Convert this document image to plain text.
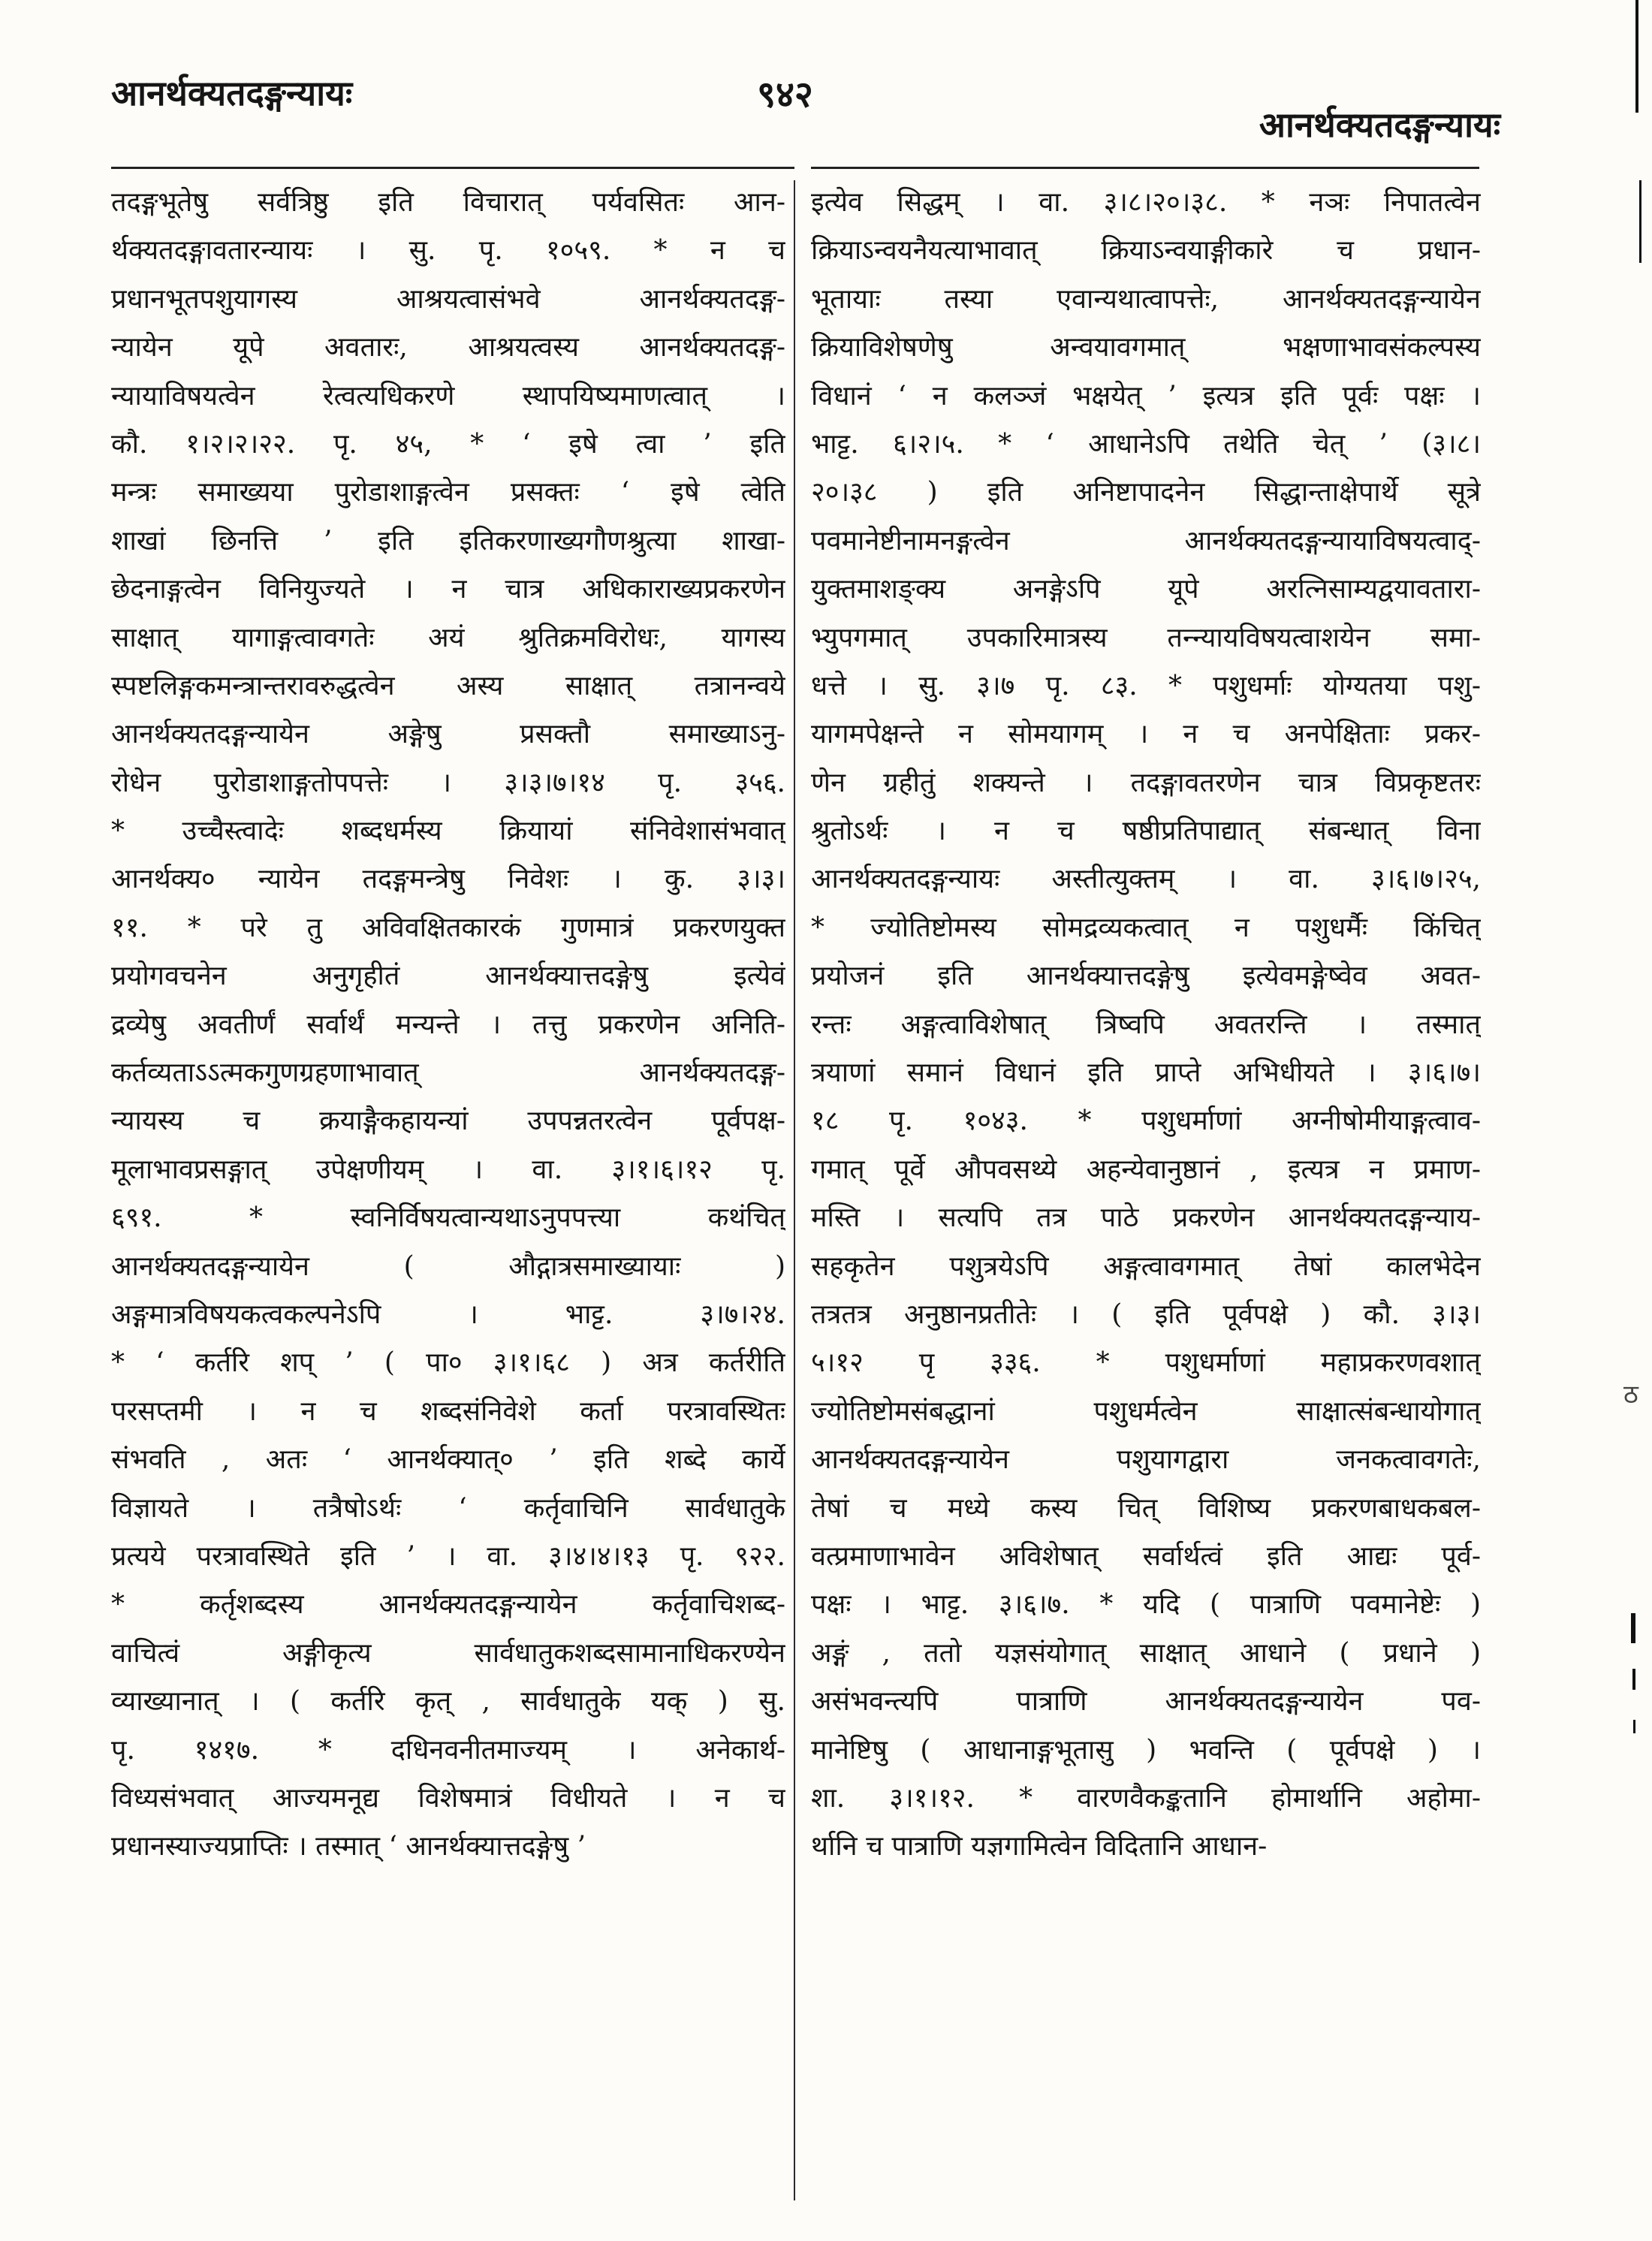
आनर्थक्यतदङ्गन्यायः	९४२
आनर्थक्यतदङ्गन्यायः
तदङ्गभूतेषु सर्वत्रिष्ठु इति विचारात् पर्यवसितः आन-
र्थक्यतदङ्गावतारन्यायः । सु. पृ. १०५९. * न च
प्रधानभूतपशुयागस्य आश्रयत्वासंभवे आनर्थक्यतदङ्ग-
न्यायेन यूपे अवतारः, आश्रयत्वस्य आनर्थक्यतदङ्ग-
न्यायाविषयत्वेन रेत्वत्यधिकरणे स्थापयिष्यमाणत्वात् ।
कौ. १।२।२।२२. पृ. ४५, * ‘ इषे त्वा ’ इति
मन्त्रः समाख्यया पुरोडाशाङ्गत्वेन प्रसक्तः ‘ इषे त्वेति
शाखां छिनत्ति ’ इति इतिकरणाख्यगौणश्रुत्या शाखा-
छेदनाङ्गत्वेन विनियुज्यते । न चात्र अधिकाराख्यप्रकरणेन
साक्षात् यागाङ्गत्वावगतेः अयं श्रुतिक्रमविरोधः, यागस्य
स्पष्टलिङ्गकमन्त्रान्तरावरुद्धत्वेन अस्य साक्षात् तत्रानन्वये
आनर्थक्यतदङ्गन्यायेन अङ्गेषु प्रसक्तौ समाख्याऽनु-
रोधेन पुरोडाशाङ्गतोपपत्तेः । ३।३।७।१४ पृ. ३५६.
* उच्चैस्त्वादेः शब्दधर्मस्य क्रियायां संनिवेशासंभवात्
आनर्थक्य० न्यायेन तदङ्गमन्त्रेषु निवेशः । कु. ३।३।
११. * परे तु अविवक्षितकारकं गुणमात्रं प्रकरणयुक्त
प्रयोगवचनेन अनुगृहीतं आनर्थक्यात्तदङ्गेषु इत्येवं
द्रव्येषु अवतीर्णं सर्वार्थं मन्यन्ते । तत्तु प्रकरणेन अनिति-
कर्तव्यताऽऽत्मकगुणग्रहणाभावात् आनर्थक्यतदङ्ग-
न्यायस्य च क्रयाङ्गैकहायन्यां उपपन्नतरत्वेन पूर्वपक्ष-
मूलाभावप्रसङ्गात् उपेक्षणीयम् । वा. ३।१।६।१२ पृ.
६९१. * स्वनिर्विषयत्वान्यथाऽनुपपत्त्या कथंचित्
आनर्थक्यतदङ्गन्यायेन ( औद्गात्रसमाख्यायाः )
अङ्गमात्रविषयकत्वकल्पनेऽपि । भाट्ट. ३।७।२४.
* ‘ कर्तरि शप् ’ ( पा० ३।१।६८ ) अत्र कर्तरीति
परसप्तमी । न च शब्दसंनिवेशे कर्ता परत्रावस्थितः
संभवति , अतः ‘ आनर्थक्यात्० ’ इति शब्दे कार्ये
विज्ञायते । तत्रैषोऽर्थः ‘ कर्तृवाचिनि सार्वधातुके
प्रत्यये परत्रावस्थिते इति ’ । वा. ३।४।४।१३ पृ. ९२२.
* कर्तृशब्दस्य आनर्थक्यतदङ्गन्यायेन कर्तृवाचिशब्द-
वाचित्वं अङ्गीकृत्य सार्वधातुकशब्दसामानाधिकरण्येन
व्याख्यानात् । ( कर्तरि कृत् , सार्वधातुके यक् ) सु.
पृ. १४१७. * दधिनवनीतमाज्यम् । अनेकार्थ-
विध्यसंभवात् आज्यमनूद्य विशेषमात्रं विधीयते । न च
प्रधानस्याज्यप्राप्तिः । तस्मात् ‘ आनर्थक्यात्तदङ्गेषु ’
इत्येव सिद्धम् । वा. ३।८।२०।३८. * नञः निपातत्वेन
क्रियाऽन्वयनैयत्याभावात् क्रियाऽन्वयाङ्गीकारे च प्रधान-
भूतायाः तस्या एवान्यथात्वापत्तेः, आनर्थक्यतदङ्गन्यायेन
क्रियाविशेषणेषु अन्वयावगमात् भक्षणाभावसंकल्पस्य
विधानं ‘ न कलञ्जं भक्षयेत् ’ इत्यत्र इति पूर्वः पक्षः ।
भाट्ट. ६।२।५. * ‘ आधानेऽपि तथेति चेत् ’ (३।८।
२०।३८ ) इति अनिष्टापादनेन सिद्धान्ताक्षेपार्थे सूत्रे
पवमानेष्टीनामनङ्गत्वेन आनर्थक्यतदङ्गन्यायाविषयत्वाद्-
युक्तमाशङ्क्य अनङ्गेऽपि यूपे अरत्निसाम्यद्वयावतारा-
भ्युपगमात् उपकारिमात्रस्य तन्न्यायविषयत्वाशयेन समा-
धत्ते । सु. ३।७ पृ. ८३. * पशुधर्माः योग्यतया पशु-
यागमपेक्षन्ते न सोमयागम् । न च अनपेक्षिताः प्रकर-
णेन ग्रहीतुं शक्यन्ते । तदङ्गावतरणेन चात्र विप्रकृष्टतरः
श्रुतोऽर्थः । न च षष्ठीप्रतिपाद्यात् संबन्धात् विना
आनर्थक्यतदङ्गन्यायः अस्तीत्युक्तम् । वा. ३।६।७।२५,
* ज्योतिष्टोमस्य सोमद्रव्यकत्वात् न पशुधर्मैः किंचित्
प्रयोजनं इति आनर्थक्यात्तदङ्गेषु इत्येवमङ्गेष्वेव अवत-
रन्तः अङ्गत्वाविशेषात् त्रिष्वपि अवतरन्ति । तस्मात्
त्रयाणां समानं विधानं इति प्राप्ते अभिधीयते । ३।६।७।
१८ पृ. १०४३. * पशुधर्माणां अग्नीषोमीयाङ्गत्वाव-
गमात् पूर्वे औपवसथ्ये अहन्येवानुष्ठानं , इत्यत्र न प्रमाण-
मस्ति । सत्यपि तत्र पाठे प्रकरणेन आनर्थक्यतदङ्गन्याय-
सहकृतेन पशुत्रयेऽपि अङ्गत्वावगमात् तेषां कालभेदेन
तत्रतत्र अनुष्ठानप्रतीतेः । ( इति पूर्वपक्षे ) कौ. ३।३।
५।१२ पृ ३३६. * पशुधर्माणां महाप्रकरणवशात्
ज्योतिष्टोमसंबद्धानां पशुधर्मत्वेन साक्षात्संबन्धायोगात्
आनर्थक्यतदङ्गन्यायेन पशुयागद्वारा जनकत्वावगतेः,
तेषां च मध्ये कस्य चित् विशिष्य प्रकरणबाधकबल-
वत्प्रमाणाभावेन अविशेषात् सर्वार्थत्वं इति आद्यः पूर्व-
पक्षः । भाट्ट. ३।६।७. * यदि ( पात्राणि पवमानेष्टेः )
अङ्गं , ततो यज्ञसंयोगात् साक्षात् आधाने ( प्रधाने )
असंभवन्त्यपि पात्राणि आनर्थक्यतदङ्गन्यायेन पव-
मानेष्टिषु ( आधानाङ्गभूतासु ) भवन्ति ( पूर्वपक्षे ) ।
शा. ३।१।१२. * वारणवैकङ्कतानि होमार्थानि अहोमा-
र्थानि च पात्राणि यज्ञगामित्वेन विदितानि आधान-
ठ
